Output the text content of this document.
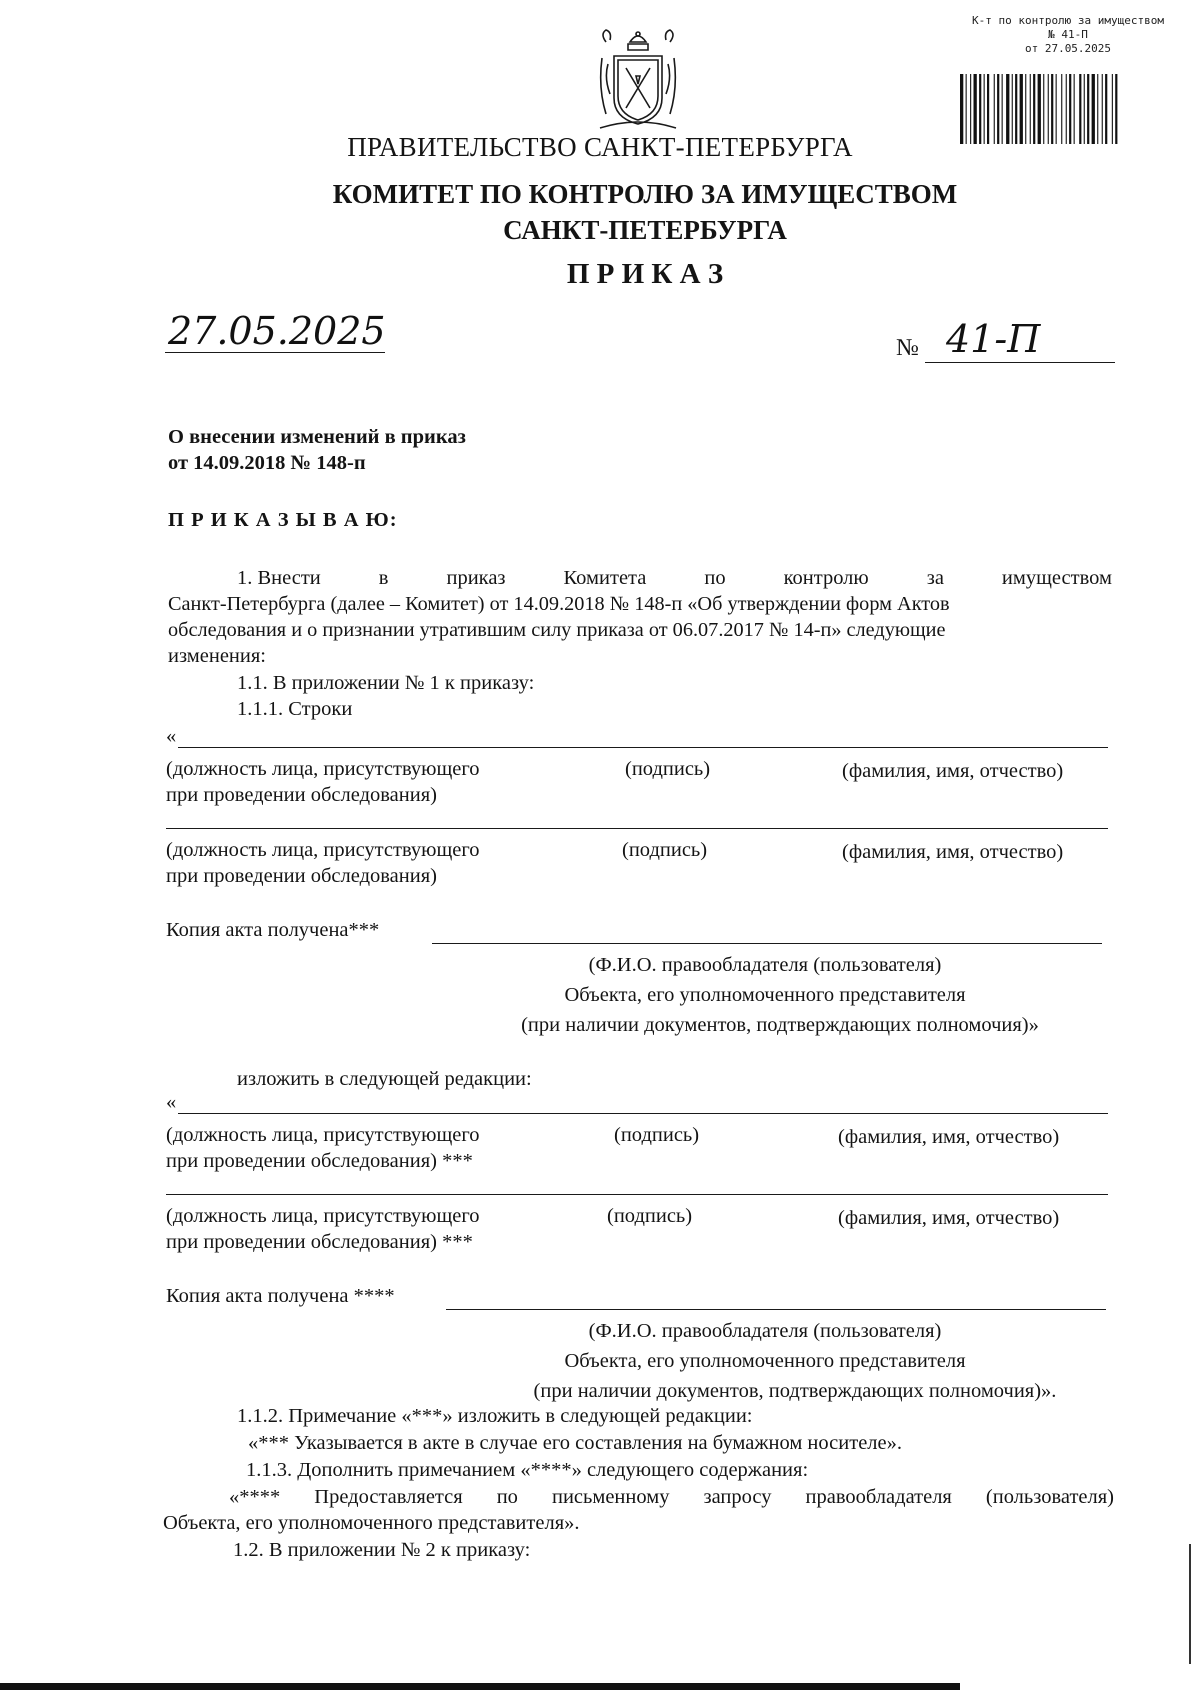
К-т по контролю за имуществом
№ 41-П
от 27.05.2025
ПРАВИТЕЛЬСТВО САНКТ-ПЕТЕРБУРГА
КОМИТЕТ ПО КОНТРОЛЮ ЗА ИМУЩЕСТВОМ
САНКТ-ПЕТЕРБУРГА
П Р И К А З
27.05.2025	№ 41-П
О внесении изменений в приказ
от 14.09.2018 № 148-п
П Р И К А З Ы В А Ю:
1. Внести	в	приказ	Комитета	по	контролю	за	имуществом
Санкт-Петербурга (далее – Комитет) от 14.09.2018 № 148-п «Об утверждении форм Актов
обследования и о признании утратившим силу приказа от 06.07.2017 № 14-п» следующие
изменения:
1.1. В приложении № 1 к приказу:
1.1.1. Строки
«
(должность лица, присутствующего
при проведении обследования)
(подпись)	(фамилия, имя, отчество)
(должность лица, присутствующего
при проведении обследования)
(подпись)	(фамилия, имя, отчество)
Копия акта получена***
(Ф.И.О. правообладателя (пользователя)
Объекта, его уполномоченного представителя
(при наличии документов, подтверждающих полномочия)»
изложить в следующей редакции:
«
(должность лица, присутствующего
при проведении обследования) ***
(подпись)	(фамилия, имя, отчество)
(должность лица, присутствующего
при проведении обследования) ***
(подпись)	(фамилия, имя, отчество)
Копия акта получена ****
(Ф.И.О. правообладателя (пользователя)
Объекта, его уполномоченного представителя
(при наличии документов, подтверждающих полномочия)».
1.1.2. Примечание «***» изложить в следующей редакции:
«*** Указывается в акте в случае его составления на бумажном носителе».
1.1.3. Дополнить примечанием «****» следующего содержания:
«**** Предоставляется по письменному запросу правообладателя (пользователя)
Объекта, его уполномоченного представителя».
1.2. В приложении № 2 к приказу:
